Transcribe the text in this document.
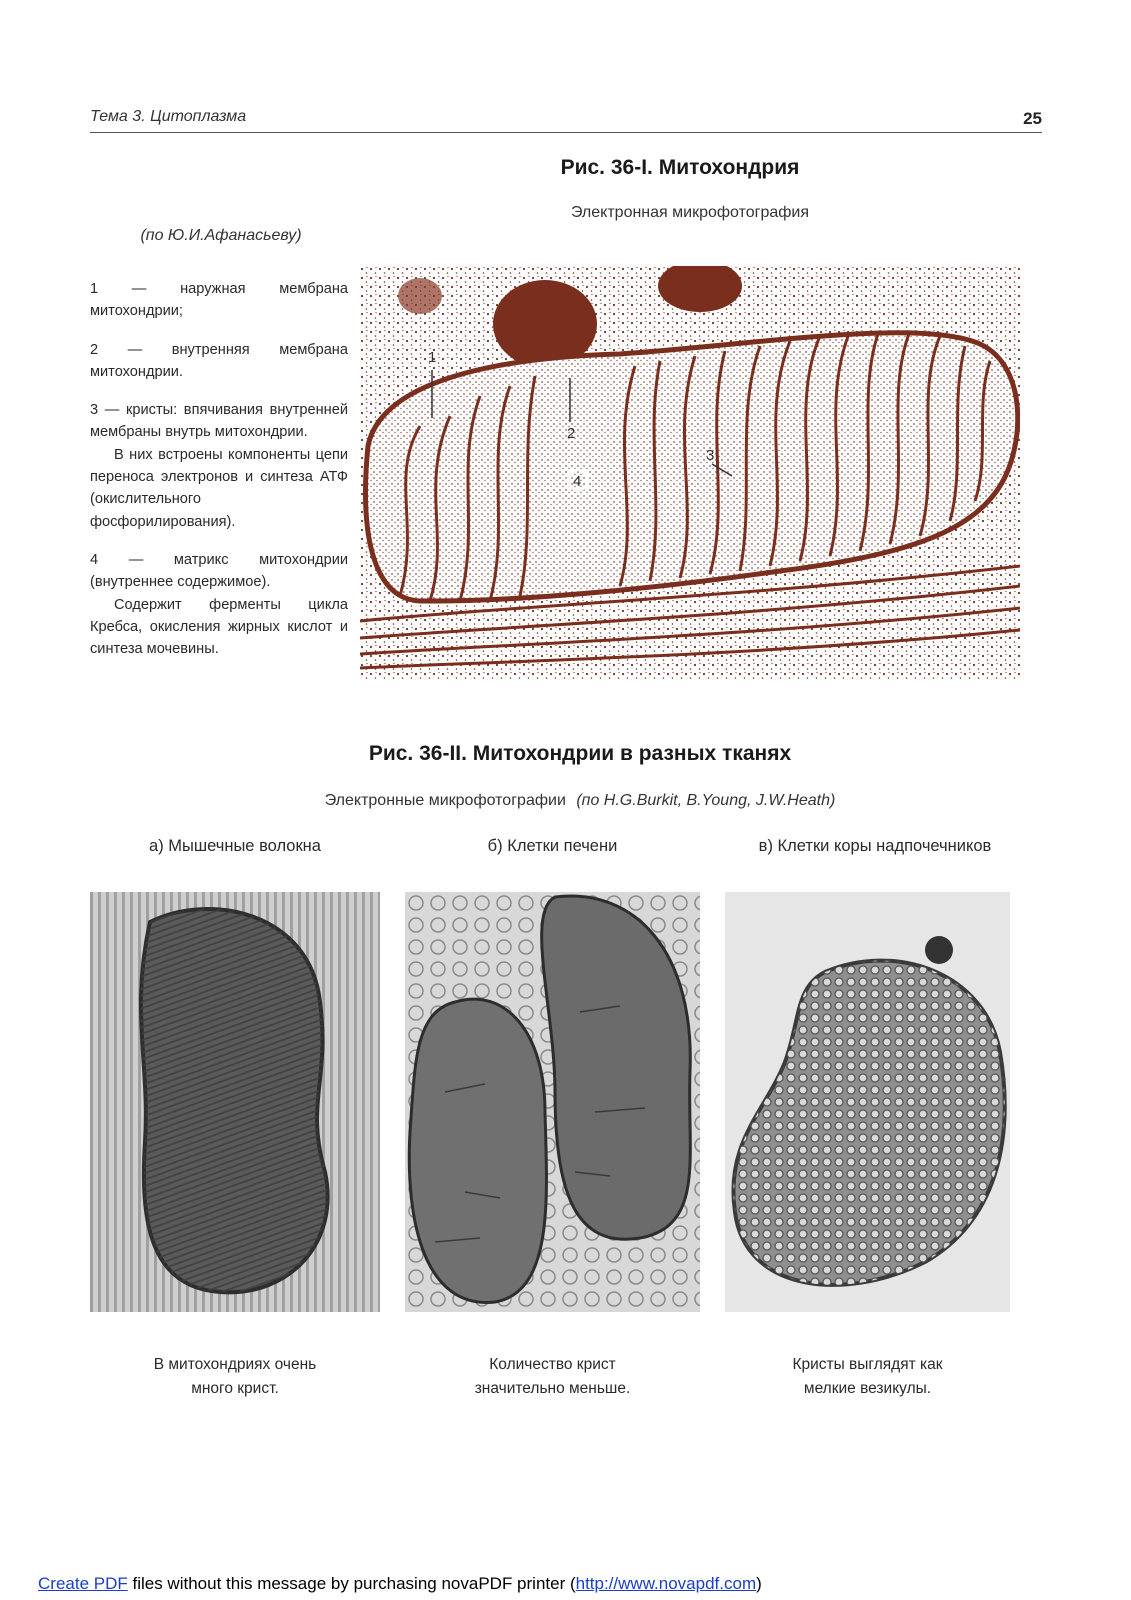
Тема 3. Цитоплазма	25
Рис. 36-I. Митохондрия
Электронная микрофотография
(по Ю.И.Афанасьеву)

1 — наружная мембрана митохондрии;

2 — внутренняя мембрана митохондрии.

3 — кристы: впячивания внутренней мембраны внутрь митохондрии.

В них встроены компоненты цепи переноса электронов и синтеза АТФ (окислительного фосфорилирования).

4 — матрикс митохондрии (внутреннее содержимое).

Содержит ферменты цикла Кребса, окисления жирных кислот и синтеза мочевины.

1
2
3
4
Рис. 36-II. Митохондрии в разных тканях
Электронные микрофотографии (по H.G.Burkit, B.Young, J.W.Heath)
а) Мышечные волокна	б) Клетки печени	в) Клетки коры надпочечников
В митохондриях очень
много крист.
Количество крист
значительно меньше.
Кристы выглядят как
мелкие везикулы.
Create PDF files without this message by purchasing novaPDF printer (http://www.novapdf.com)
